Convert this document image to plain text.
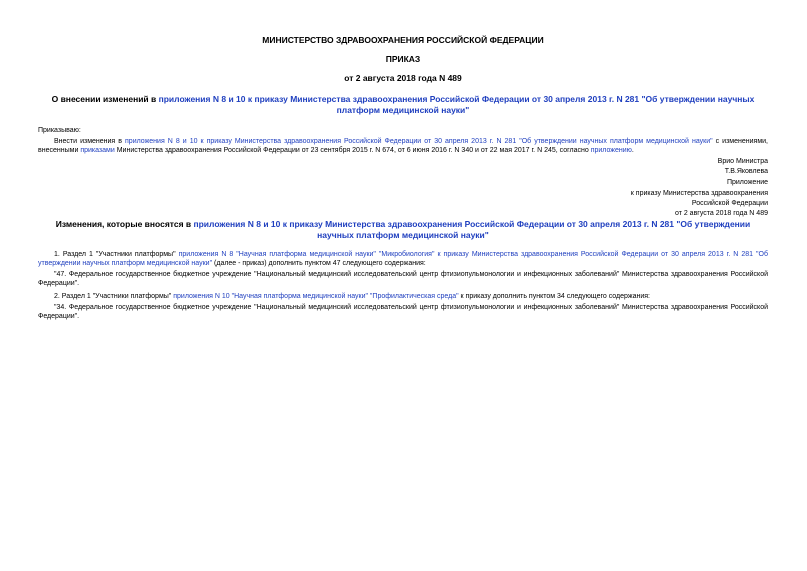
МИНИСТЕРСТВО ЗДРАВООХРАНЕНИЯ РОССИЙСКОЙ ФЕДЕРАЦИИ
ПРИКАЗ
от 2 августа 2018 года N 489
О внесении изменений в приложения N 8 и 10 к приказу Министерства здравоохранения Российской Федерации от 30 апреля 2013 г. N 281 "Об утверждении научных платформ медицинской науки"
Приказываю:
Внести изменения в приложения N 8 и 10 к приказу Министерства здравоохранения Российской Федерации от 30 апреля 2013 г. N 281 "Об утверждении научных платформ медицинской науки" с изменениями, внесенными приказами Министерства здравоохранения Российской Федерации от 23 сентября 2015 г. N 674, от 6 июня 2016 г. N 340 и от 22 мая 2017 г. N 245, согласно приложению.
Врио Министра
Т.В.Яковлева
Приложение
к приказу Министерства здравоохранения
Российской Федерации
от 2 августа 2018 года N 489
Изменения, которые вносятся в приложения N 8 и 10 к приказу Министерства здравоохранения Российской Федерации от 30 апреля 2013 г. N 281 "Об утверждении научных платформ медицинской науки"
1. Раздел 1 "Участники платформы" приложения N 8 "Научная платформа медицинской науки" "Микробиология" к приказу Министерства здравоохранения Российской Федерации от 30 апреля 2013 г. N 281 "Об утверждении научных платформ медицинской науки" (далее - приказ) дополнить пунктом 47 следующего содержания:
"47. Федеральное государственное бюджетное учреждение "Национальный медицинский исследовательский центр фтизиопульмонологии и инфекционных заболеваний" Министерства здравоохранения Российской Федерации".
2. Раздел 1 "Участники платформы" приложения N 10 "Научная платформа медицинской науки" "Профилактическая среда" к приказу дополнить пунктом 34 следующего содержания:
"34. Федеральное государственное бюджетное учреждение "Национальный медицинский исследовательский центр фтизиопульмонологии и инфекционных заболеваний" Министерства здравоохранения Российской Федерации".
